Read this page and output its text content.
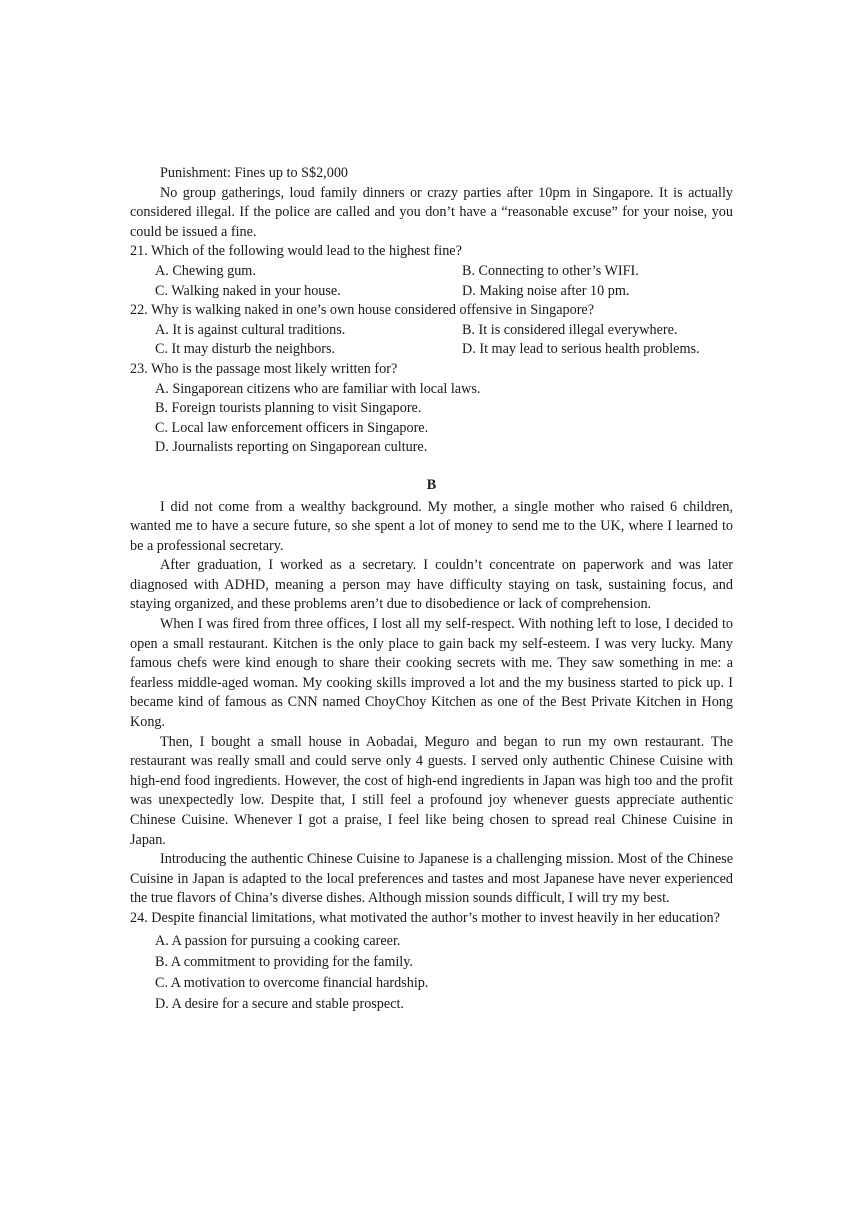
Punishment: Fines up to S$2,000

No group gatherings, loud family dinners or crazy parties after 10pm in Singapore. It is actually considered illegal. If the police are called and you don’t have a “reasonable excuse” for your noise, you could be issued a fine.

21. Which of the following would lead to the highest fine?

A. Chewing gum.	B. Connecting to other’s WIFI.
C. Walking naked in your house.	D. Making noise after 10 pm.

22. Why is walking naked in one’s own house considered offensive in Singapore?

A. It is against cultural traditions.	B. It is considered illegal everywhere.
C. It may disturb the neighbors.	D. It may lead to serious health problems.

23. Who is the passage most likely written for?

A. Singaporean citizens who are familiar with local laws.

B. Foreign tourists planning to visit Singapore.

C. Local law enforcement officers in Singapore.

D. Journalists reporting on Singaporean culture.

B

I did not come from a wealthy background. My mother, a single mother who raised 6 children, wanted me to have a secure future, so she spent a lot of money to send me to the UK, where I learned to be a professional secretary.

After graduation, I worked as a secretary. I couldn’t concentrate on paperwork and was later diagnosed with ADHD, meaning a person may have difficulty staying on task, sustaining focus, and staying organized, and these problems aren’t due to disobedience or lack of comprehension.

When I was fired from three offices, I lost all my self-respect. With nothing left to lose, I decided to open a small restaurant. Kitchen is the only place to gain back my self-esteem. I was very lucky. Many famous chefs were kind enough to share their cooking secrets with me. They saw something in me: a fearless middle-aged woman. My cooking skills improved a lot and the my business started to pick up. I became kind of famous as CNN named ChoyChoy Kitchen as one of the Best Private Kitchen in Hong Kong.

Then, I bought a small house in Aobadai, Meguro and began to run my own restaurant. The restaurant was really small and could serve only 4 guests. I served only authentic Chinese Cuisine with high-end food ingredients. However, the cost of high-end ingredients in Japan was high too and the profit was unexpectedly low. Despite that, I still feel a profound joy whenever guests appreciate authentic Chinese Cuisine. Whenever I got a praise, I feel like being chosen to spread real Chinese Cuisine in Japan.

Introducing the authentic Chinese Cuisine to Japanese is a challenging mission. Most of the Chinese Cuisine in Japan is adapted to the local preferences and tastes and most Japanese have never experienced the true flavors of China’s diverse dishes. Although mission sounds difficult, I will try my best.

24. Despite financial limitations, what motivated the author’s mother to invest heavily in her education?

A. A passion for pursuing a cooking career.

B. A commitment to providing for the family.

C. A motivation to overcome financial hardship.

D. A desire for a secure and stable prospect.
